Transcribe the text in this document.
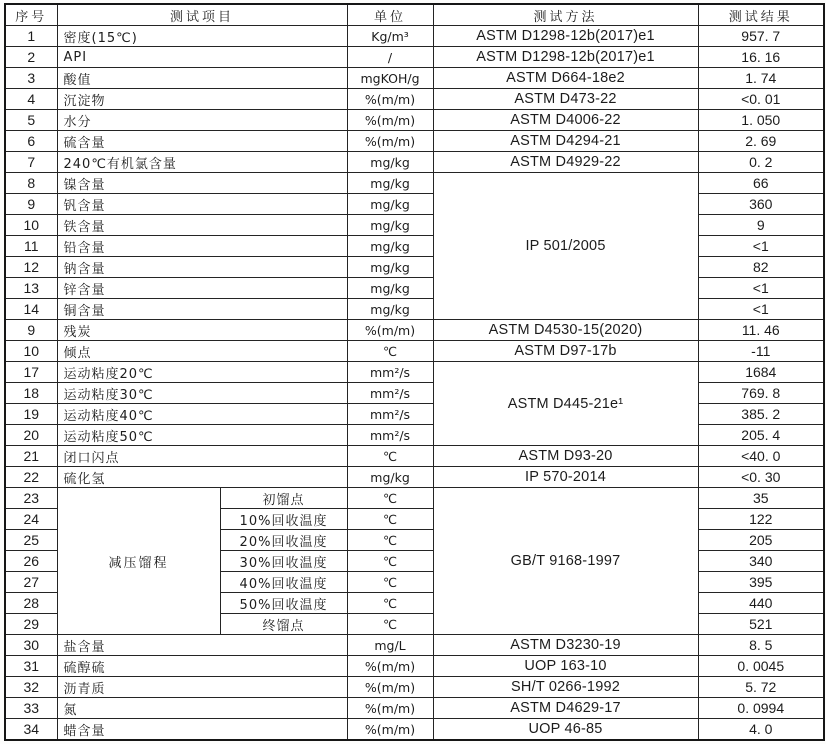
序号	测试项目		单位	测试方法	测试结果
1	密度(15℃)		Kg/m³	ASTM D1298-12b(2017)e1	957. 7
2	API		/	ASTM D1298-12b(2017)e1	16. 16
3	酸值		mgKOH/g	ASTM D664-18e2	1. 74
4	沉淀物		%(m/m)	ASTM D473-22	<0. 01
5	水分		%(m/m)	ASTM D4006-22	1. 050
6	硫含量		%(m/m)	ASTM D4294-21	2. 69
7	240℃有机氯含量		mg/kg	ASTM D4929-22	0. 2
8	镍含量		mg/kg	IP 501/2005	66
9	钒含量		mg/kg		360
10	铁含量		mg/kg		9
11	铅含量		mg/kg		<1
12	钠含量		mg/kg		82
13	锌含量		mg/kg		<1
14	铜含量		mg/kg		<1
9	残炭		%(m/m)	ASTM D4530-15(2020)	11. 46
10	倾点		℃	ASTM D97-17b	-11
17	运动粘度20℃		mm²/s	ASTM D445-21e¹	1684
18	运动粘度30℃		mm²/s		769. 8
19	运动粘度40℃		mm²/s		385. 2
20	运动粘度50℃		mm²/s		205. 4
21	闭口闪点		℃	ASTM D93-20	<40. 0
22	硫化氢		mg/kg	IP 570-2014	<0. 30
23	减压馏程	初馏点	℃	GB/T 9168-1997	35
24		10%回收温度	℃		122
25		20%回收温度	℃		205
26		30%回收温度	℃		340
27		40%回收温度	℃		395
28		50%回收温度	℃		440
29		终馏点	℃		521
30	盐含量		mg/L	ASTM D3230-19	8. 5
31	硫醇硫		%(m/m)	UOP 163-10	0. 0045
32	沥青质		%(m/m)	SH/T 0266-1992	5. 72
33	氮		%(m/m)	ASTM D4629-17	0. 0994
34	蜡含量		%(m/m)	UOP 46-85	4. 0
